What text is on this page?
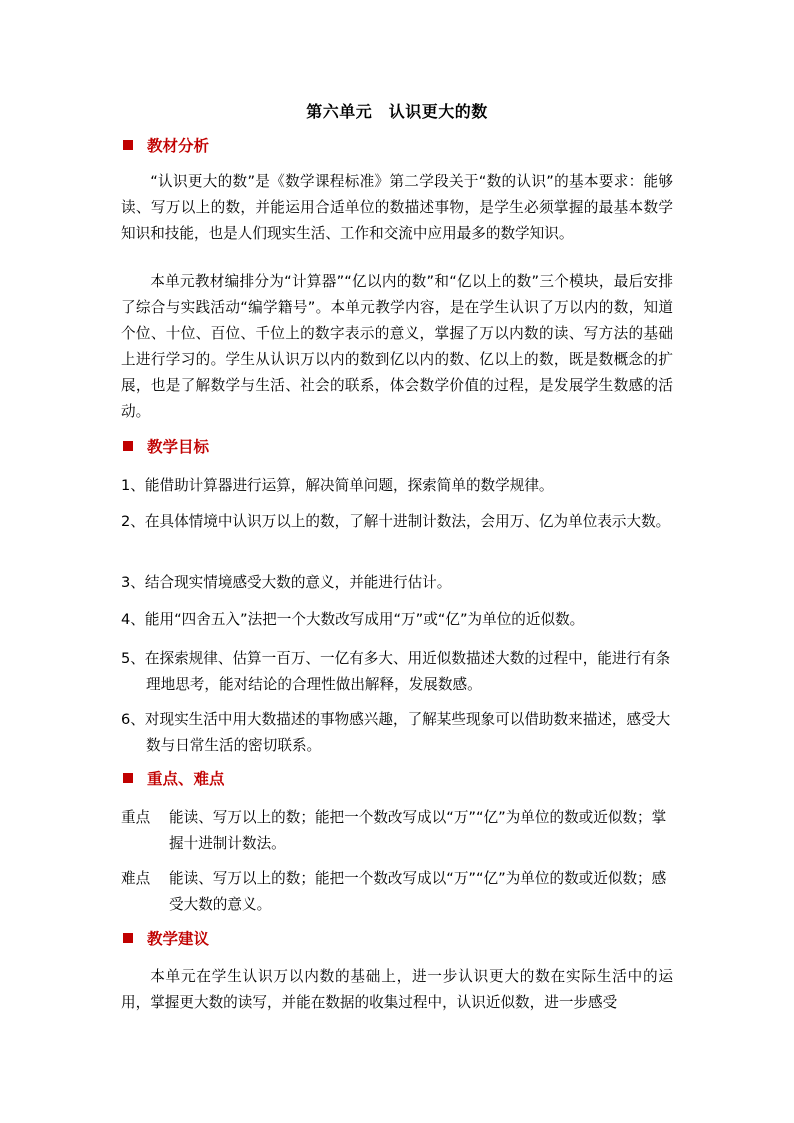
第六单元　认识更大的数
教材分析
“认识更大的数”是《数学课程标准》第二学段关于“数的认识”的基本要求：能够读、写万以上的数，并能运用合适单位的数描述事物，是学生必须掌握的最基本数学知识和技能，也是人们现实生活、工作和交流中应用最多的数学知识。
本单元教材编排分为“计算器”“亿以内的数”和“亿以上的数”三个模块，最后安排了综合与实践活动“编学籍号”。本单元教学内容，是在学生认识了万以内的数，知道个位、十位、百位、千位上的数字表示的意义，掌握了万以内数的读、写方法的基础上进行学习的。学生从认识万以内的数到亿以内的数、亿以上的数，既是数概念的扩展，也是了解数学与生活、社会的联系，体会数学价值的过程，是发展学生数感的活动。
教学目标
1、能借助计算器进行运算，解决简单问题，探索简单的数学规律。
2、在具体情境中认识万以上的数，了解十进制计数法，会用万、亿为单位表示大数。
3、结合现实情境感受大数的意义，并能进行估计。
4、能用“四舍五入”法把一个大数改写成用“万”或“亿”为单位的近似数。
5、在探索规律、估算一百万、一亿有多大、用近似数描述大数的过程中，能进行有条理地思考，能对结论的合理性做出解释，发展数感。
6、对现实生活中用大数描述的事物感兴趣，了解某些现象可以借助数来描述，感受大数与日常生活的密切联系。
重点、难点
重点	能读、写万以上的数；能把一个数改写成以“万”“亿”为单位的数或近似数；掌握十进制计数法。
难点	能读、写万以上的数；能把一个数改写成以“万”“亿”为单位的数或近似数；感受大数的意义。
教学建议
本单元在学生认识万以内数的基础上，进一步认识更大的数在实际生活中的运用，掌握更大数的读写，并能在数据的收集过程中，认识近似数，进一步感受
